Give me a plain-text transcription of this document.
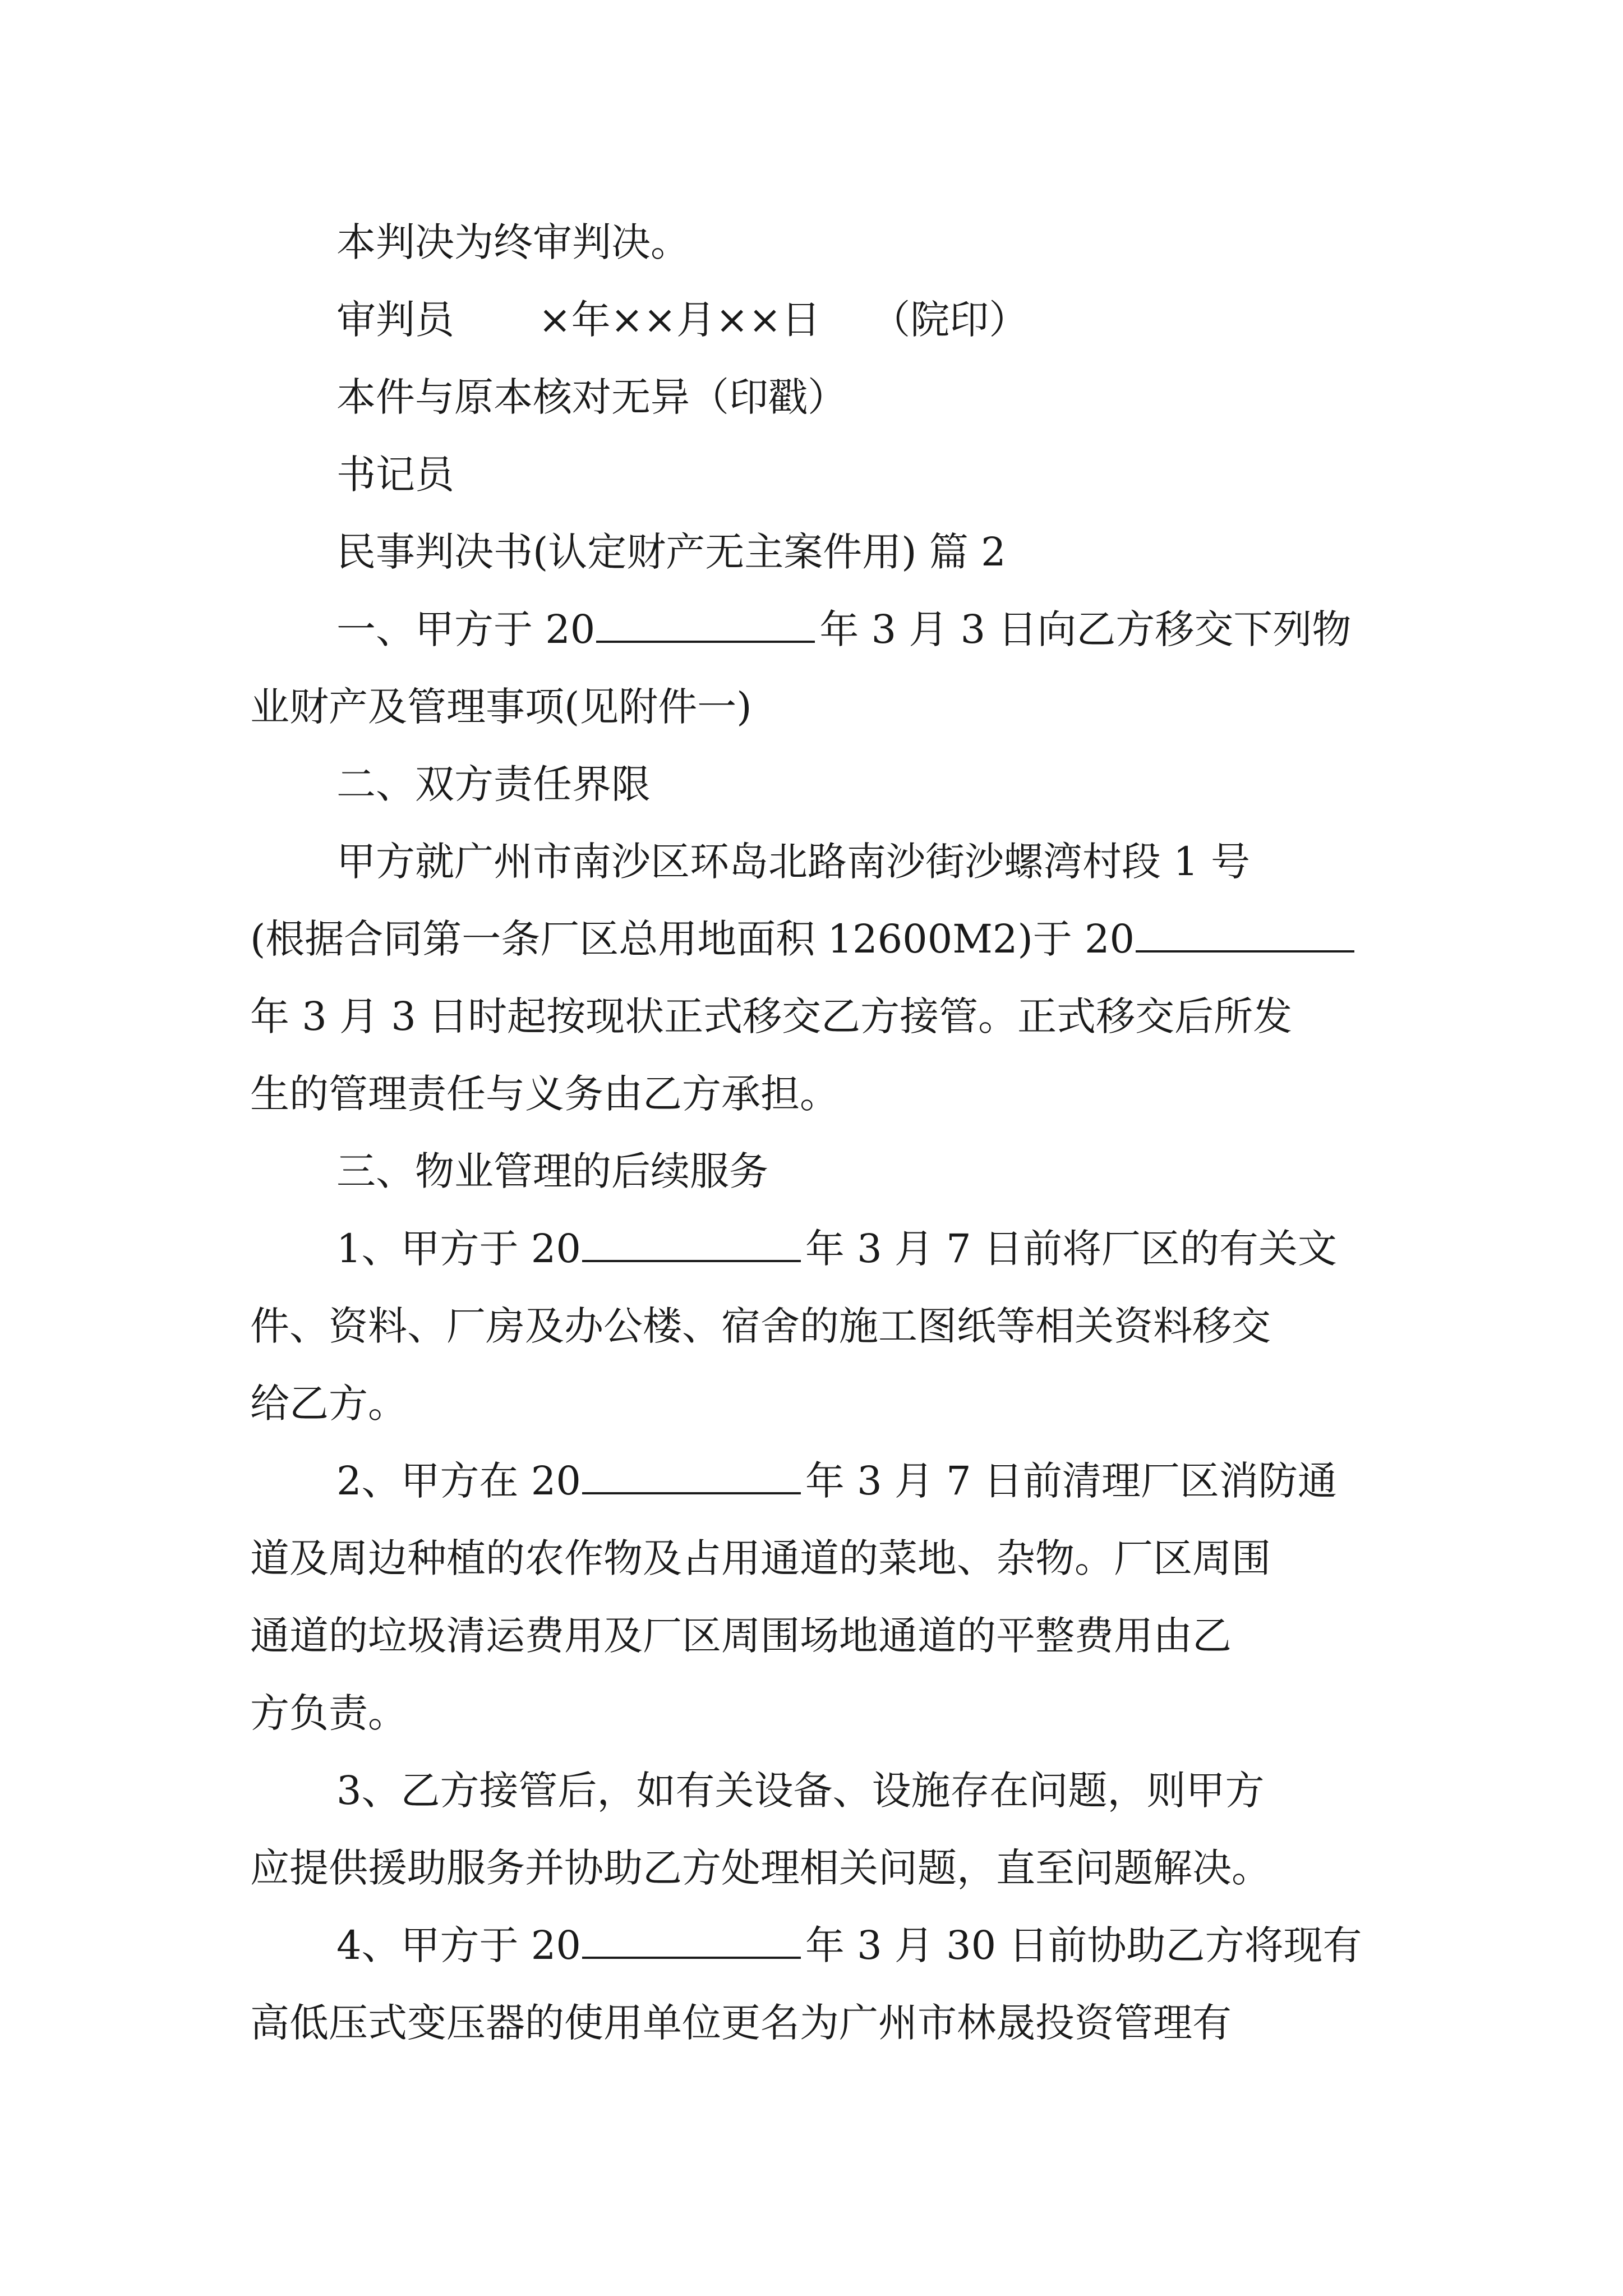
本判决为终审判决。
审判员 ×年××月××日 （院印）
本件与原本核对无异（印戳）
书记员
民事判决书(认定财产无主案件用) 篇 2
一、甲方于 20	年 3 月 3 日向乙方移交下列物
业财产及管理事项(见附件一)
二、双方责任界限
甲方就广州市南沙区环岛北路南沙街沙螺湾村段 1 号
(根据合同第一条厂区总用地面积 12600M2)于 20
年 3 月 3 日时起按现状正式移交乙方接管。正式移交后所发
生的管理责任与义务由乙方承担。
三、物业管理的后续服务
1、甲方于 20	年 3 月 7 日前将厂区的有关文
件、资料、厂房及办公楼、宿舍的施工图纸等相关资料移交
给乙方。
2、甲方在 20	年 3 月 7 日前清理厂区消防通
道及周边种植的农作物及占用通道的菜地、杂物。厂区周围
通道的垃圾清运费用及厂区周围场地通道的平整费用由乙
方负责。
3、乙方接管后，如有关设备、设施存在问题，则甲方
应提供援助服务并协助乙方处理相关问题，直至问题解决。
4、甲方于 20	年 3 月 30 日前协助乙方将现有
高低压式变压器的使用单位更名为广州市林晟投资管理有
